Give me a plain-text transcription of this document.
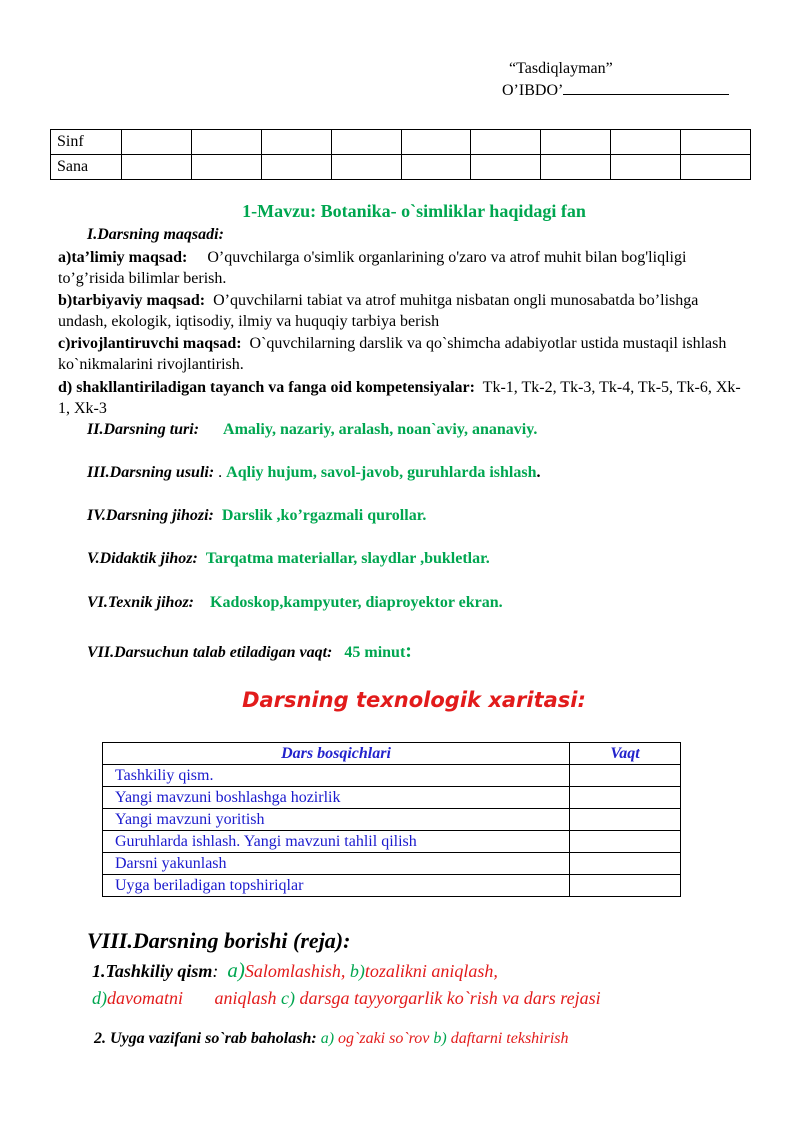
“Tasdiqlayman”
O’IBDO’
Sinf									
Sana									
1-Mavzu: Botanika- o`simliklar haqidagi fan
I.Darsning maqsadi:
a)ta’limiy maqsad: O’quvchilarga o'simlik organlarining o'zaro va atrof muhit bilan bog'liqligi to’g’risida bilimlar berish.
b)tarbiyaviy maqsad: O’quvchilarni tabiat va atrof muhitga nisbatan ongli munosabatda bo’lishga undash, ekologik, iqtisodiy, ilmiy va huquqiy tarbiya berish
c)rivojlantiruvchi maqsad: O`quvchilarning darslik va qo`shimcha adabiyotlar ustida mustaqil ishlash ko`nikmalarini rivojlantirish.
d) shakllantiriladigan tayanch va fanga oid kompetensiyalar: Tk-1, Tk-2, Tk-3, Tk-4, Tk-5, Tk-6, Xk-1, Xk-3
II.Darsning turi: Amaliy, nazariy, aralash, noan`aviy, ananaviy.
III.Darsning usuli: . Aqliy hujum, savol-javob, guruhlarda ishlash.
IV.Darsning jihozi: Darslik ,ko’rgazmali qurollar.
V.Didaktik jihoz: Tarqatma materiallar, slaydlar ,bukletlar.
VI.Texnik jihoz: Kadoskop,kampyuter, diaproyektor ekran.
VII.Darsuchun talab etiladigan vaqt: 45 minut:
Darsning texnologik xaritasi:
Dars bosqichlari	Vaqt
Tashkiliy qism.	
Yangi mavzuni boshlashga hozirlik	
Yangi mavzuni yoritish	
Guruhlarda ishlash. Yangi mavzuni tahlil qilish	
Darsni yakunlash	
Uyga beriladigan topshiriqlar	
VIII.Darsning borishi (reja):
1.Tashkiliy qism: a)Salomlashish, b)tozalikni aniqlash,
d)davomatni       aniqlash c) darsga tayyorgarlik ko`rish va dars rejasi
2. Uyga vazifani so`rab baholash: a) og`zaki so`rov b) daftarni tekshirish
